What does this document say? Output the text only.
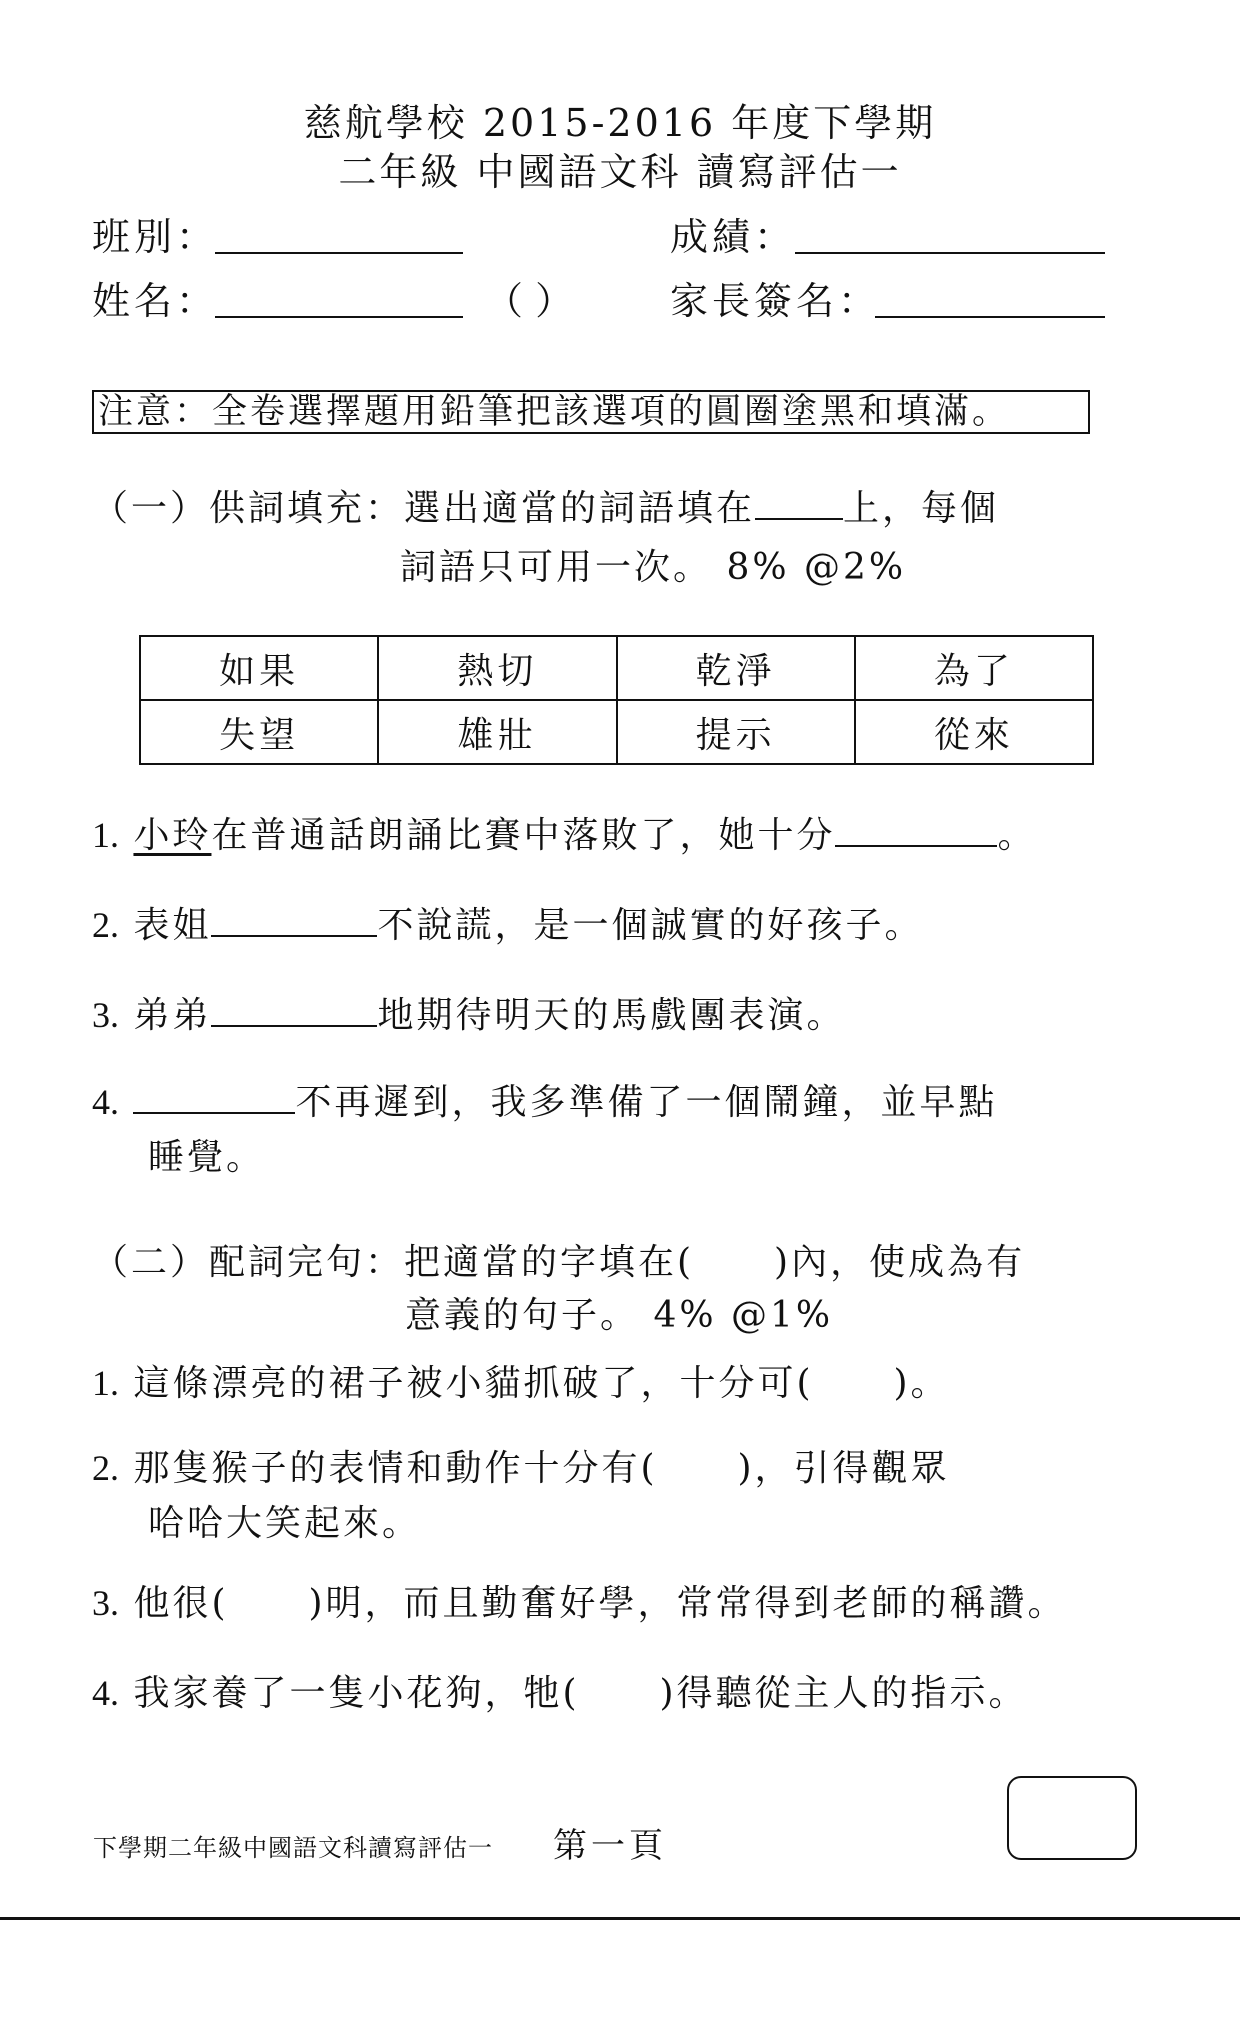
慈航學校 2015-2016 年度下學期
二年級 中國語文科 讀寫評估一
班別：	成績：
姓名：	（ ）	家長簽名：
注意：全卷選擇題用鉛筆把該選項的圓圈塗黑和填滿。
（一）供詞填充：選出適當的詞語填在 上，每個
詞語只可用一次。 8% @2%
如果	熱切	乾淨	為了
失望	雄壯	提示	從來
1. 小玲在普通話朗誦比賽中落敗了，她十分	。
2. 表姐	不說謊，是一個誠實的好孩子。
3. 弟弟	地期待明天的馬戲團表演。
4.	不再遲到，我多準備了一個鬧鐘，並早點
睡覺。
（二）配詞完句：把適當的字填在( )內，使成為有
意義的句子。 4% @1%
1. 這條漂亮的裙子被小貓抓破了，十分可( )。
2. 那隻猴子的表情和動作十分有( )，引得觀眾
哈哈大笑起來。
3. 他很( )明，而且勤奮好學，常常得到老師的稱讚。
4. 我家養了一隻小花狗，牠( )得聽從主人的指示。
下學期二年級中國語文科讀寫評估一 第一頁
